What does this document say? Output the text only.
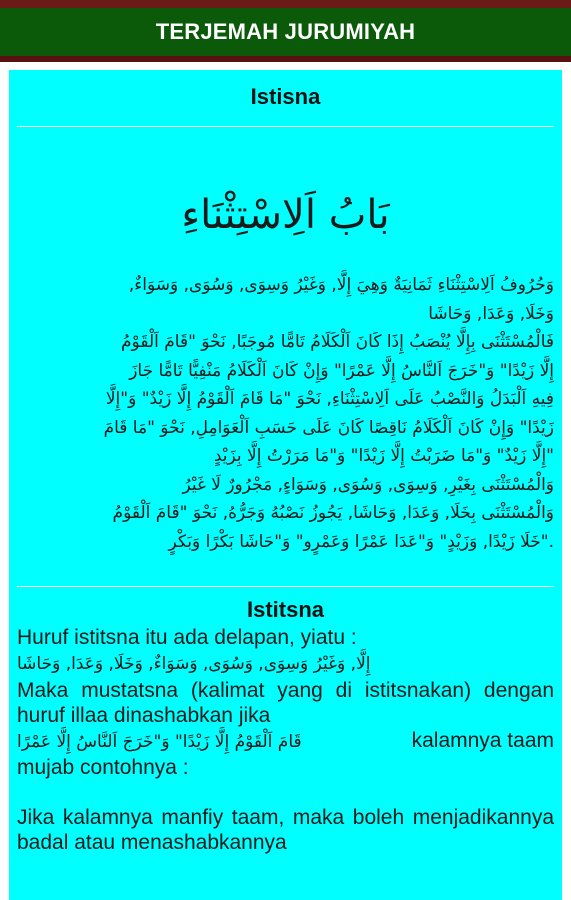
TERJEMAH JURUMIYAH
Istisna
بَابُ اَلِاسْتِثْنَاءِ
وَحُرُوفُ اَلِاسْتِثْنَاءِ ثَمَانِيَةٌ وَهِيَ إِلَّا, وَغَيْرُ وَسِوَى, وَسُوَى, وَسَوَاءٌ,
وَخَلَا, وَعَدَا, وَحَاشَا
فَالْمُسْتَثْنَى بِإِلَّا يُنْصَبُ إِذَا كَانَ اَلْكَلَامُ تَامًّا مُوجَبًا, نَحْوَ "قَامَ اَلْقَوْمُ
إِلَّا زَيْدًا" وَ"خَرَجَ اَلنَّاسُ إِلَّا عَمْرًا" وَإِنْ كَانَ اَلْكَلَامُ مَنْفِيًّا تَامًّا جَازَ
فِيهِ اَلْبَدَلُ وَالنَّصْبُ عَلَى اَلِاسْتِثْنَاءِ, نَحْوَ "مَا قَامَ اَلْقَوْمُ إِلَّا زَيْدٌ" وَ"إِلَّا
زَيْدًا" وَإِنْ كَانَ اَلْكَلَامُ نَاقِصًا كَانَ عَلَى حَسَبِ اَلْعَوَامِلِ, نَحْوَ "مَا قَامَ
"إِلَّا زَيْدٌ" وَ"مَا ضَرَبْتُ إِلَّا زَيْدًا" وَ"مَا مَرَرْتُ إِلَّا بِزَيْدٍ
وَالْمُسْتَثْنَى بِغَيْرِ, وَسِوَى, وَسُوَى, وَسَوَاءٍ, مَجْرُورٌ لَا غَيْرُ
وَالْمُسْتَثْنَى بِخَلَا, وَعَدَا, وَحَاشَا, يَجُوزُ نَصْبُهُ وَجَرُّهُ, نَحْوَ "قَامَ اَلْقَوْمُ
."خَلَا زَيْدًا, وَزَيْدٍ" وَ"عَدَا عَمْرًا وَعَمْرٍو" وَ"حَاشَا بَكْرًا وَبَكْرٍ
Istitsna
Huruf istitsna itu ada delapan, yiatu :
إِلَّا, وَغَيْرُ وَسِوَى, وَسُوَى, وَسَوَاءٌ, وَخَلَا, وَعَدَا, وَحَاشَا
Maka mustatsna (kalimat yang di istitsnakan) dengan huruf illaa dinashabkan jika
قَامَ اَلْقَوْمُ إِلَّا زَيْدًا" وَ"خَرَجَ اَلنَّاسُ إِلَّا عَمْرًا	kalamnya taam
mujab contohnya :
Jika kalamnya manfiy taam, maka boleh menjadikannya badal atau menashabkannya
